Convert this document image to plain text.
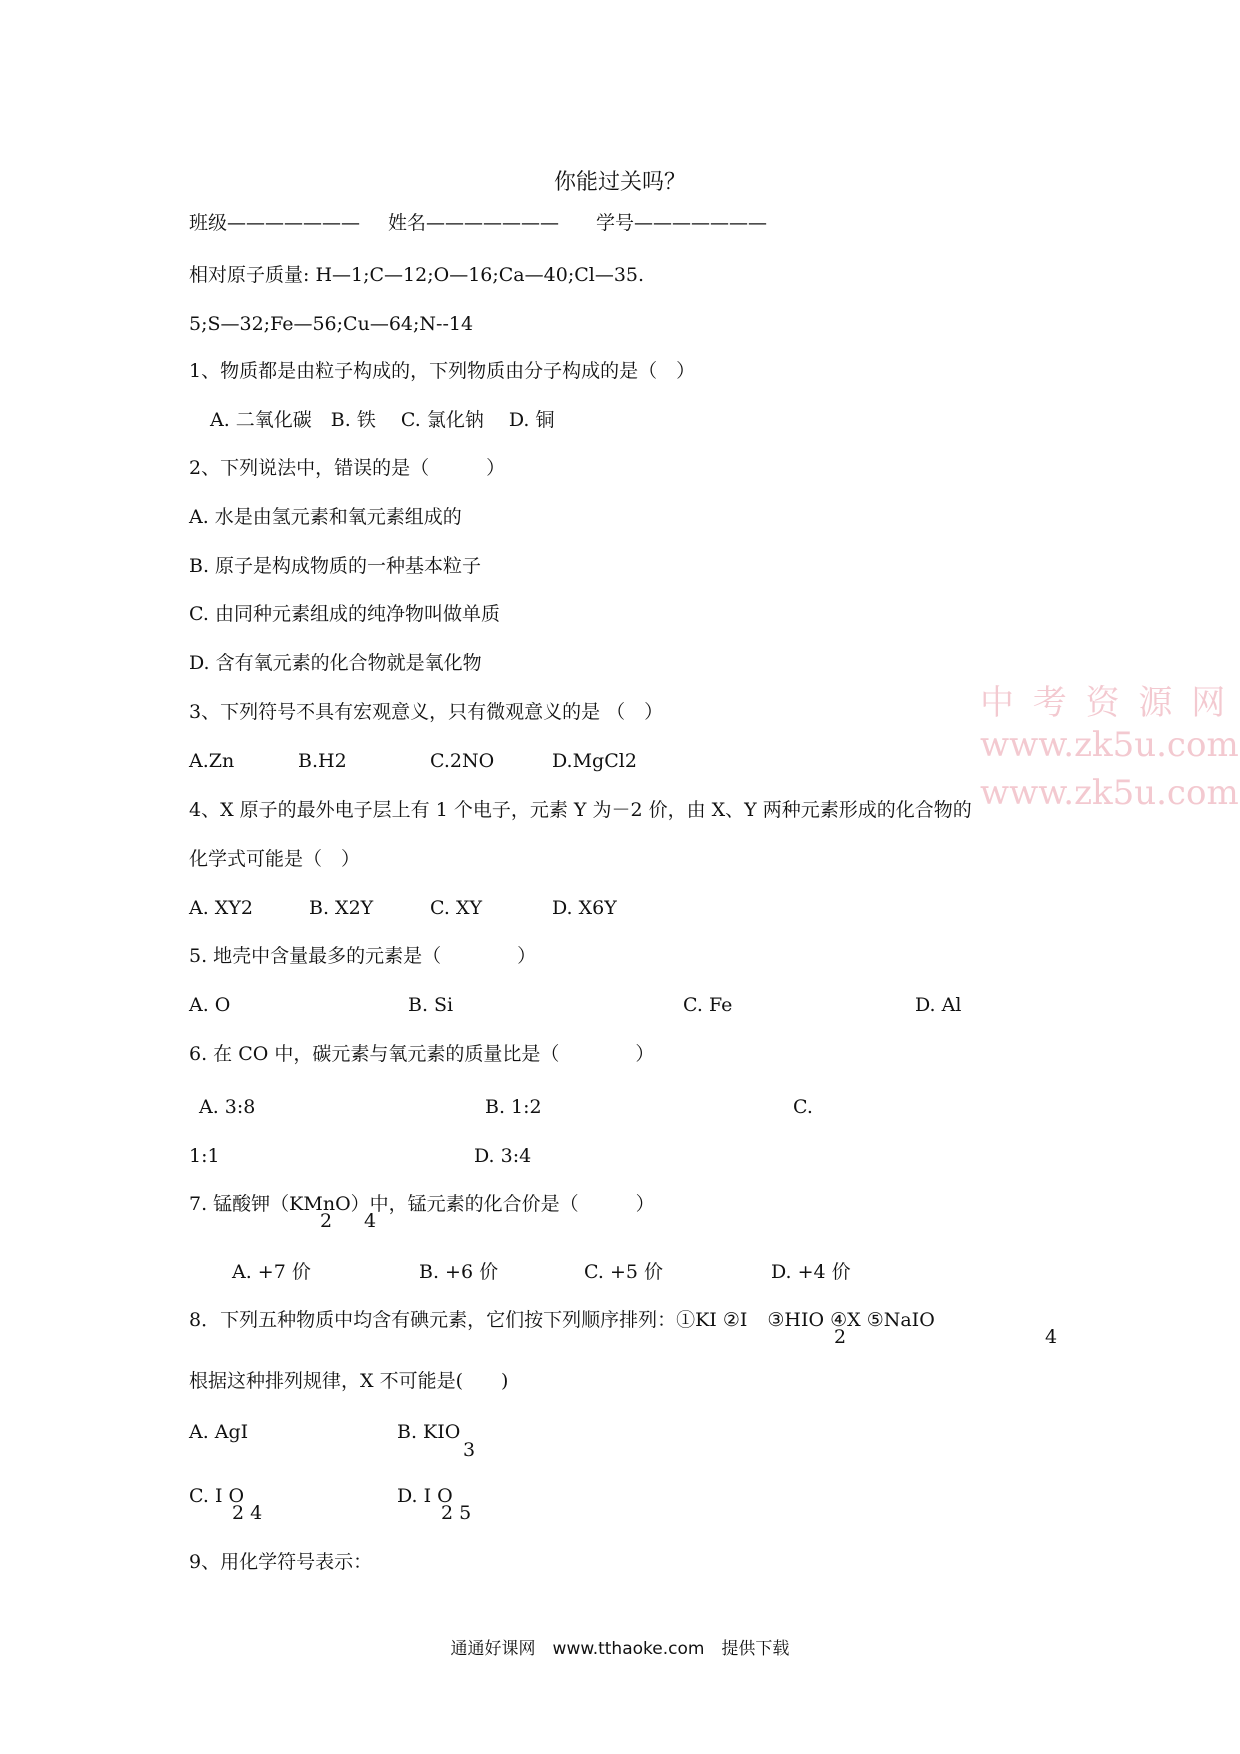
你能过关吗？
班级——————— 姓名——————— 学号———————
相对原子质量: H—1;C—12;O—16;Ca—40;Cl—35.
5;S—32;Fe—56;Cu—64;N--14
1、物质都是由粒子构成的，下列物质由分子构成的是（　）
A. 二氧化碳　B. 铁　 C. 氯化钠　 D. 铜
2、下列说法中，错误的是（　　　）
A. 水是由氢元素和氧元素组成的
B. 原子是构成物质的一种基本粒子
C. 由同种元素组成的纯净物叫做单质
D. 含有氧元素的化合物就是氧化物
3、下列符号不具有宏观意义，只有微观意义的是 （　）
A.Zn	B.H2	C.2NO	D.MgCl2
4、X 原子的最外电子层上有 1 个电子，元素 Y 为－2 价，由 X、Y 两种元素形成的化合物的
化学式可能是（　）
A. XY2	B. X2Y	C. XY	D. X6Y
5. 地壳中含量最多的元素是（　　　　）
A. O	B. Si	C. Fe	D. Al
6. 在 CO 中，碳元素与氧元素的质量比是（　　　　）
A. 3:8	B. 1:2	C.
1:1	D. 3:4
7. 锰酸钾（KMnO）中，锰元素的化合价是（　　　）
2 4
A. +7 价	B. +6 价	C. +5 价	D. +4 价
8．下列五种物质中均含有碘元素，它们按下列顺序排列：①KI ②I ③HIO ④X ⑤NaIO
2	4
根据这种排列规律，X 不可能是(　　)
A. AgI	B. KIO
3
C. I O
2 4
D. I O
2 5
9、用化学符号表示：
中 考 资 源 网
www.zk5u.com
www.zk5u.com
通通好课网　www.tthaoke.com　提供下载
